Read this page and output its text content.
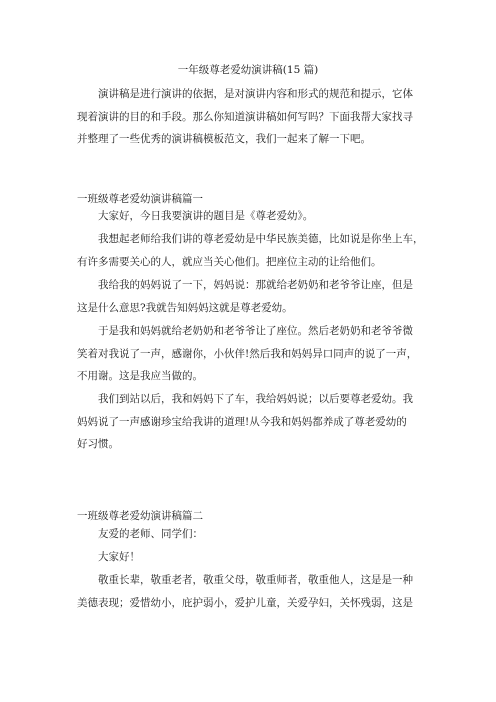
一年级尊老爱幼演讲稿(15 篇)
演讲稿是进行演讲的依据，是对演讲内容和形式的规范和提示，它体
现着演讲的目的和手段。那么你知道演讲稿如何写吗？下面我帮大家找寻
并整理了一些优秀的演讲稿模板范文，我们一起来了解一下吧。
一班级尊老爱幼演讲稿篇一
大家好，今日我要演讲的题目是《尊老爱幼》。
我想起老师给我们讲的尊老爱幼是中华民族美德，比如说是你坐上车，
有许多需要关心的人，就应当关心他们。把座位主动的让给他们。
我给我的妈妈说了一下，妈妈说：那就给老奶奶和老爷爷让座，但是
这是什么意思?我就告知妈妈这就是尊老爱幼。
于是我和妈妈就给老奶奶和老爷爷让了座位。然后老奶奶和老爷爷微
笑着对我说了一声，感谢你，小伙伴!然后我和妈妈异口同声的说了一声，
不用谢。这是我应当做的。
我们到站以后，我和妈妈下了车，我给妈妈说；以后要尊老爱幼。我
妈妈说了一声感谢珍宝给我讲的道理!从今我和妈妈都养成了尊老爱幼的
好习惯。
一班级尊老爱幼演讲稿篇二
友爱的老师、同学们：
大家好！
敬重长辈，敬重老者，敬重父母，敬重师者，敬重他人，这是是一种
美德表现；爱惜幼小，庇护弱小，爱护儿童，关爱孕妇，关怀残弱，这是
